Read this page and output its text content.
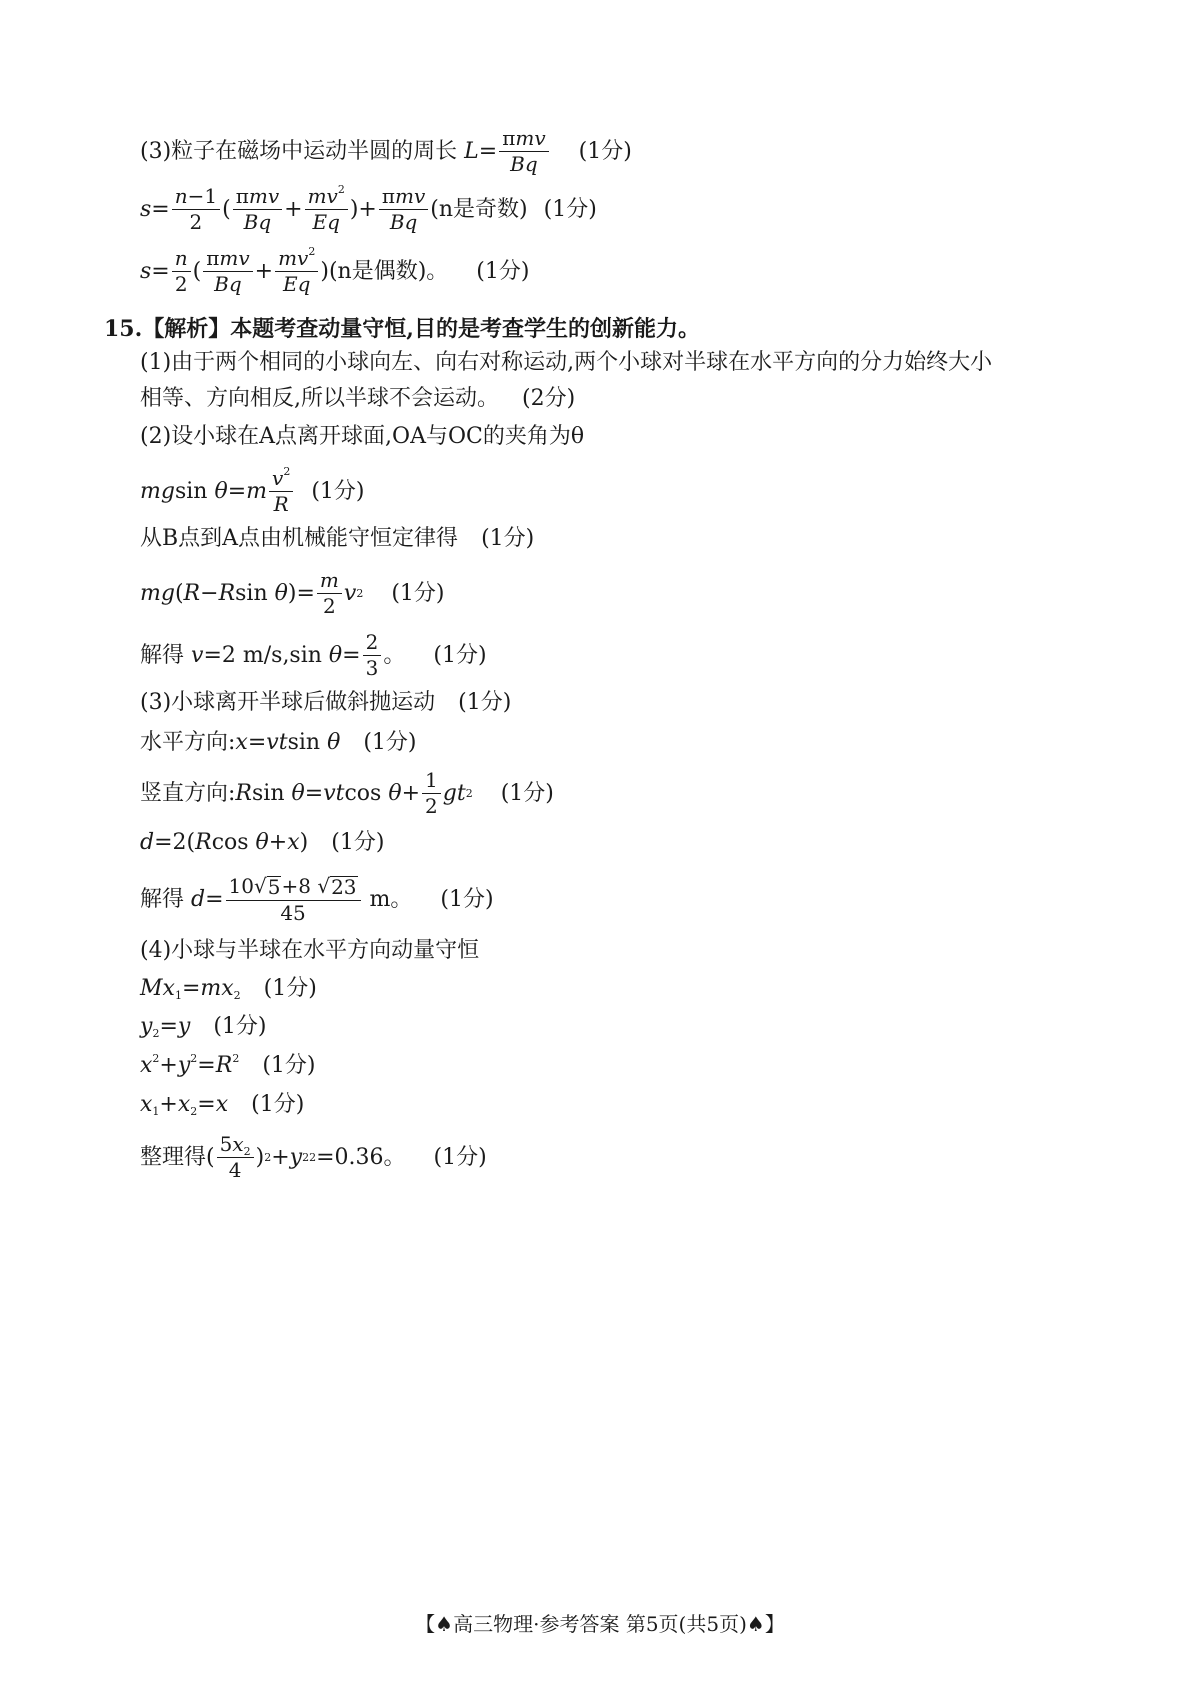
(3)粒子在磁场中运动半圆的周长
$L = \frac{\text{πmv}}{Bq} (1$分)
$s = \frac{n-1}{2}$ ( $\frac{\text{πmv}}{Bq} + \frac{mv^2}{Eq}$ )+ $\frac{\text{πmv}}{Bq} (n$是奇数) (1分)
$s = \frac{n}{2}$ ( $\frac{\text{πmv}}{Bq} + \frac{mv^2}{Eq}$ ) (n是偶数)。 (1分)
15.【解析】本题考查动量守恒,目的是考查学生的创新能力。
(1)由于两个相同的小球向左、向右对称运动,两个小球对半球在水平方向的分力始终大小
相等、方向相反,所以半球不会运动。 (2分)
(2)设小球在A点离开球面,OA与OC的夹角为θ
mg sin θ = m $\frac{v^2}{R} (1$分)
从B点到A点由机械能守恒定律得 (1分)
mg ( R − R sin θ )= $\frac{m}{2}$ v 2 (1分)
解得
v =2 m/s,sin $\theta = \frac{2}{3}$ 。 (1分)
(3)小球离开半球后做斜抛运动 (1分)
水平方向:x=vtsin θ (1分)
竖直方向: R sin θ = vt $\cos \theta + \frac{1}{2}$ gt 2 (1分)
d=2(Rcos θ+x) (1分)
解得
$d = \frac{10 √ 5 +8 √ 23}{45}$ m。 (1分)
(4)小球与半球在水平方向动量守恒
$Mx_1=mx_2$ (1分)
$y_2=y$ (1分)
$x^2+y^2=R^2$ (1分)
$x_1+x_2=x$ (1分)
整理得 ( $\frac{5x_2}{4}$ ) 2 + y 2 2 =0.36。 (1分)
【♠高三物理·参考答案 第5页(共5页)♠】
